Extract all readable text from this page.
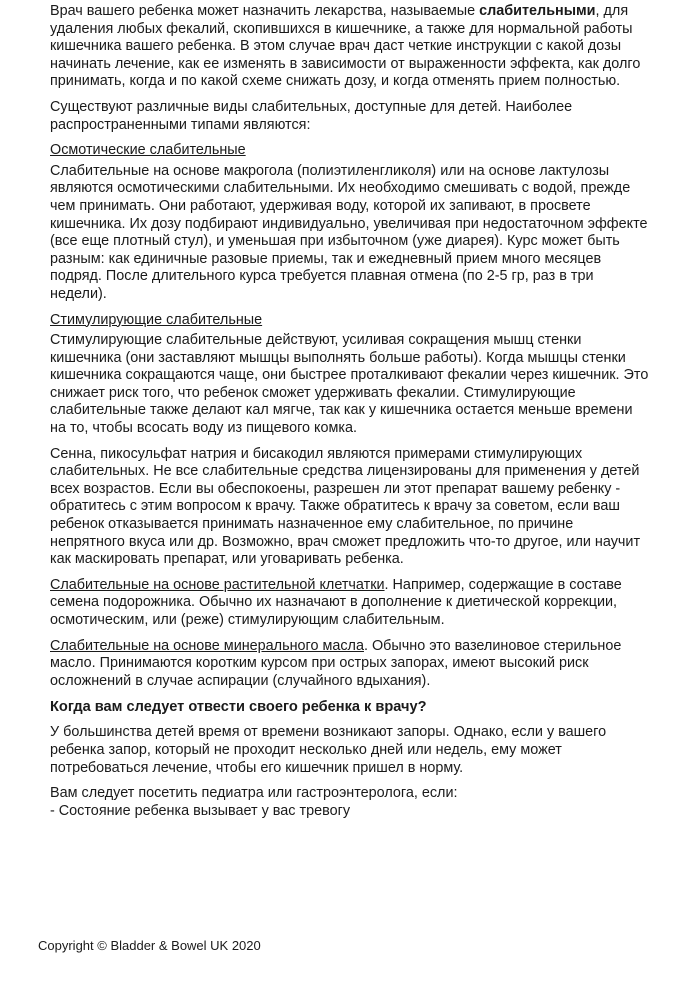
Врач вашего ребенка может назначить лекарства, называемые слабительными, для удаления любых фекалий, скопившихся в кишечнике, а также для нормальной работы кишечника вашего ребенка. В этом случае врач даст четкие инструкции с какой дозы начинать лечение, как ее изменять в зависимости от выраженности эффекта, как долго принимать, когда и по какой схеме снижать дозу, и когда отменять прием полностью.

Существуют различные виды слабительных, доступные для детей. Наиболее распространенными типами являются:

Осмотические слабительные

Слабительные на основе макрогола (полиэтиленгликоля) или на основе лактулозы являются осмотическими слабительными. Их необходимо смешивать с водой, прежде чем принимать. Они работают, удерживая воду, которой их запивают, в просвете кишечника. Их дозу подбирают индивидуально, увеличивая при недостаточном эффекте (все еще плотный стул), и уменьшая при избыточном (уже диарея). Курс может быть разным: как единичные разовые приемы, так и ежедневный прием много месяцев подряд. После длительного курса требуется плавная отмена (по 2-5 гр, раз в три недели).

Стимулирующие слабительные

Стимулирующие слабительные действуют, усиливая сокращения мышц стенки кишечника (они заставляют мышцы выполнять больше работы). Когда мышцы стенки кишечника сокращаются чаще, они быстрее проталкивают фекалии через кишечник. Это снижает риск того, что ребенок сможет удерживать фекалии. Стимулирующие слабительные также делают кал мягче, так как у кишечника остается меньше времени на то, чтобы всосать воду из пищевого комка.

Сенна, пикосульфат натрия и бисакодил являются примерами стимулирующих слабительных. Не все слабительные средства лицензированы для применения у детей всех возрастов. Если вы обеспокоены, разрешен ли этот препарат вашему ребенку - обратитесь с этим вопросом к врачу. Также обратитесь к врачу за советом, если ваш ребенок отказывается принимать назначенное ему слабительное, по причине непрятного вкуса или др. Возможно, врач сможет предложить что-то другое, или научит как маскировать препарат, или уговаривать ребенка.

Слабительные на основе растительной клетчатки. Например, содержащие в составе семена подорожника. Обычно их назначают в дополнение к диетической коррекции, осмотическим, или (реже) стимулирующим слабительным.

Слабительные на основе минерального масла. Обычно это вазелиновое стерильное масло. Принимаются коротким курсом при острых запорах, имеют высокий риск осложнений в случае аспирации (случайного вдыхания).

Когда вам следует отвести своего ребенка к врачу?

У большинства детей время от времени возникают запоры. Однако, если у вашего ребенка запор, который не проходит несколько дней или недель, ему может потребоваться лечение, чтобы его кишечник пришел в норму.

Вам следует посетить педиатра или гастроэнтеролога, если:

- Состояние ребенка вызывает у вас тревогу

Copyright © Bladder & Bowel UK 2020
